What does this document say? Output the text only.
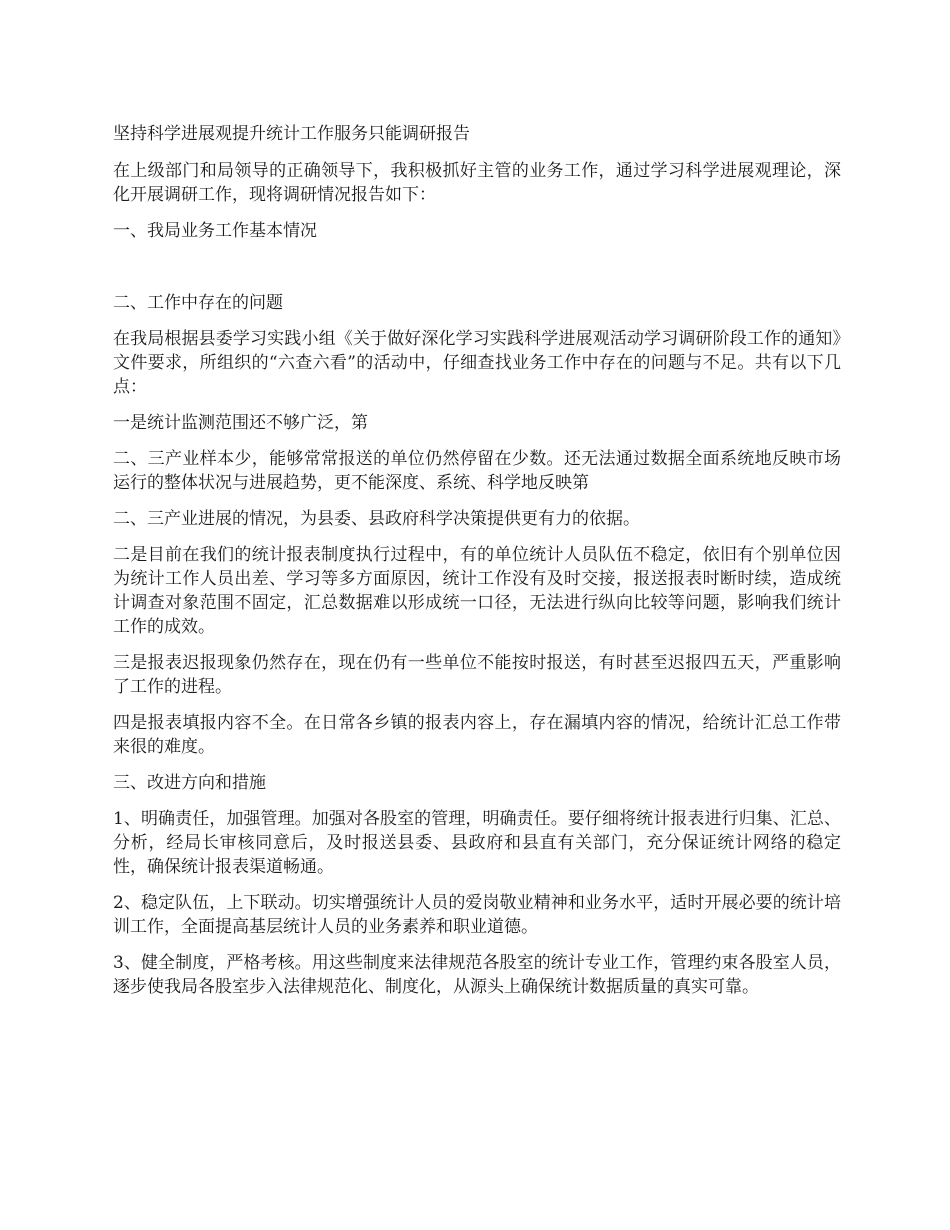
坚持科学进展观提升统计工作服务只能调研报告

在上级部门和局领导的正确领导下，我积极抓好主管的业务工作，通过学习科学进展观理论，深化开展调研工作，现将调研情况报告如下：

一、我局业务工作基本情况

二、工作中存在的问题

在我局根据县委学习实践小组《关于做好深化学习实践科学进展观活动学习调研阶段工作的通知》文件要求，所组织的“六查六看”的活动中，仔细查找业务工作中存在的问题与不足。共有以下几点：

一是统计监测范围还不够广泛，第

二、三产业样本少，能够常常报送的单位仍然停留在少数。还无法通过数据全面系统地反映市场运行的整体状况与进展趋势，更不能深度、系统、科学地反映第

二、三产业进展的情况，为县委、县政府科学决策提供更有力的依据。

二是目前在我们的统计报表制度执行过程中，有的单位统计人员队伍不稳定，依旧有个别单位因为统计工作人员出差、学习等多方面原因，统计工作没有及时交接，报送报表时断时续，造成统计调查对象范围不固定，汇总数据难以形成统一口径，无法进行纵向比较等问题，影响我们统计工作的成效。

三是报表迟报现象仍然存在，现在仍有一些单位不能按时报送，有时甚至迟报四五天，严重影响了工作的进程。

四是报表填报内容不全。在日常各乡镇的报表内容上，存在漏填内容的情况，给统计汇总工作带来很的难度。

三、改进方向和措施

1、明确责任，加强管理。加强对各股室的管理，明确责任。要仔细将统计报表进行归集、汇总、分析，经局长审核同意后，及时报送县委、县政府和县直有关部门，充分保证统计网络的稳定性，确保统计报表渠道畅通。

2、稳定队伍，上下联动。切实增强统计人员的爱岗敬业精神和业务水平，适时开展必要的统计培训工作，全面提高基层统计人员的业务素养和职业道德。

3、健全制度，严格考核。用这些制度来法律规范各股室的统计专业工作，管理约束各股室人员，逐步使我局各股室步入法律规范化、制度化，从源头上确保统计数据质量的真实可靠。
